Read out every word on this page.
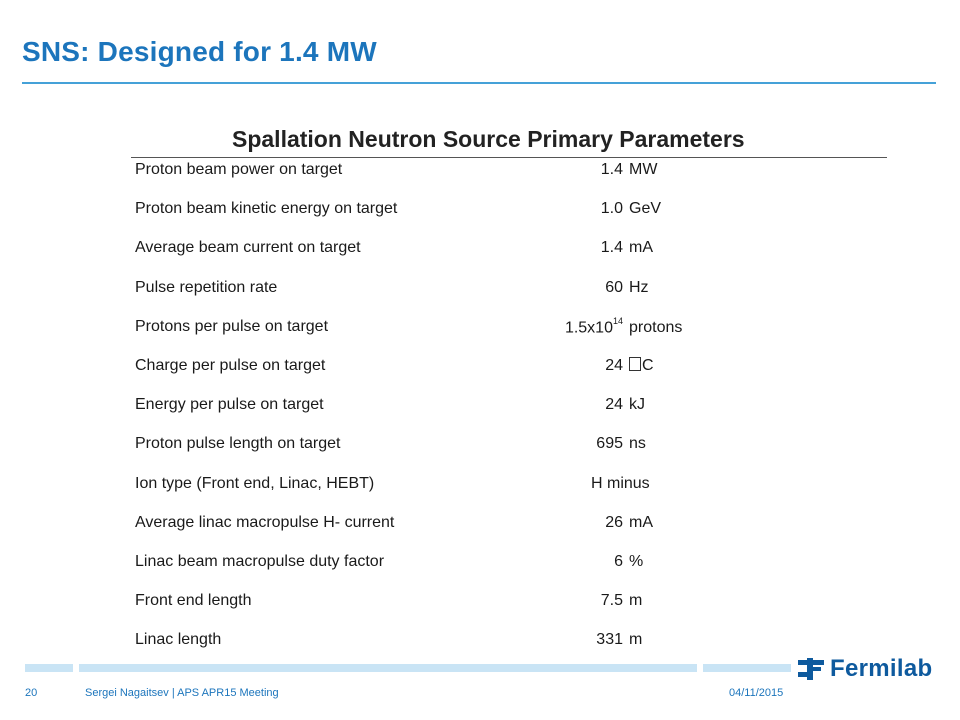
SNS: Designed for 1.4 MW
Spallation Neutron Source Primary Parameters
Proton beam power on target	1.4 MW
Proton beam kinetic energy on target	1.0 GeV
Average beam current on target	1.4 mA
Pulse repetition rate	60 Hz
Protons per pulse on target	$1.5x10^{14}$ protons
Charge per pulse on target	24	C
Energy per pulse on target	24 kJ
Proton pulse length on target	695 ns
Ion type (Front end, Linac, HEBT)	H minus
Average linac macropulse H- current	26 mA
Linac beam macropulse duty factor	6 %
Front end length	7.5 m
Linac length	331 m
20	Sergei Nagaitsev | APS APR15 Meeting	04/11/2015
Fermilab
